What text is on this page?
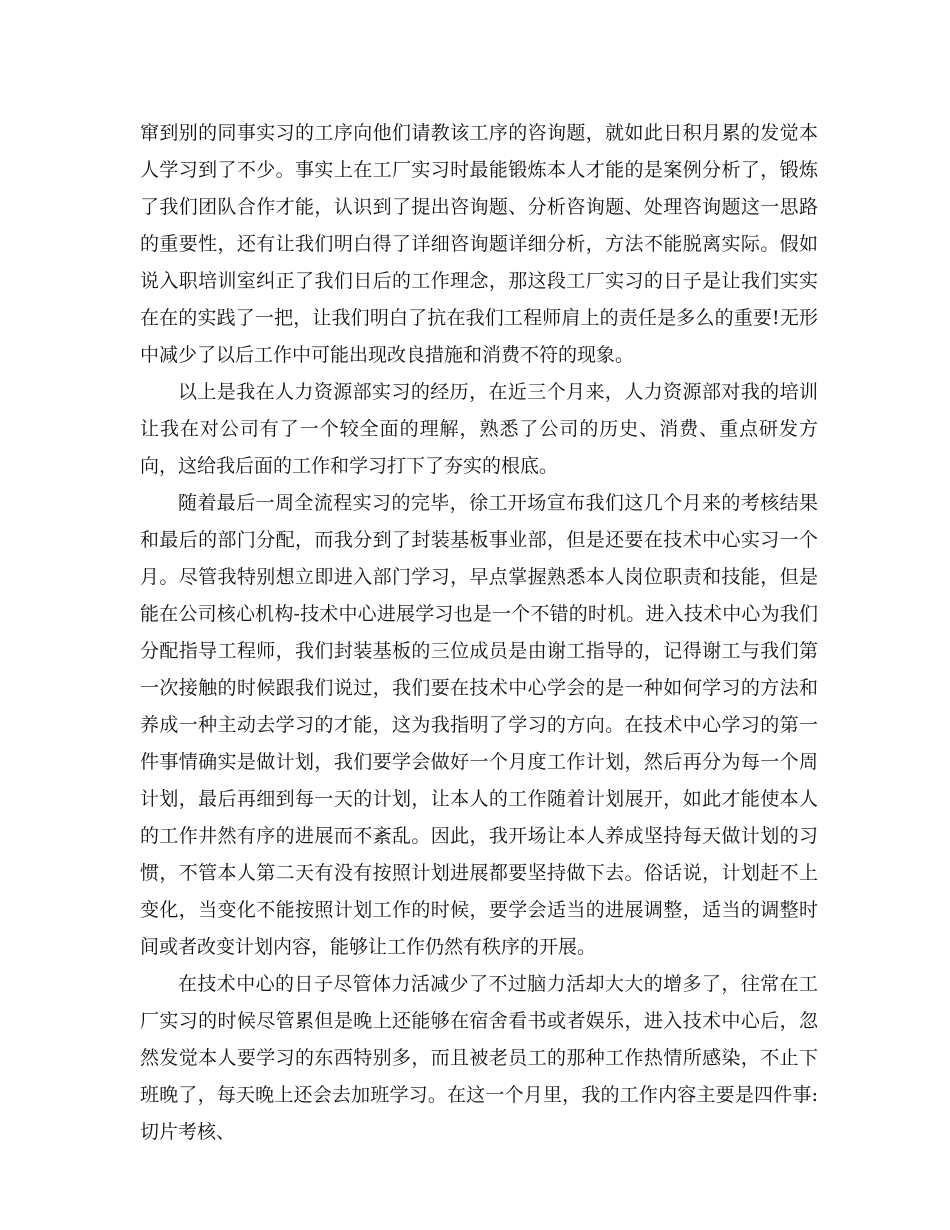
窜到别的同事实习的工序向他们请教该工序的咨询题，就如此日积月累的发觉本人学习到了不少。事实上在工厂实习时最能锻炼本人才能的是案例分析了，锻炼了我们团队合作才能，认识到了提出咨询题、分析咨询题、处理咨询题这一思路的重要性，还有让我们明白得了详细咨询题详细分析，方法不能脱离实际。假如说入职培训室纠正了我们日后的工作理念，那这段工厂实习的日子是让我们实实在在的实践了一把，让我们明白了抗在我们工程师肩上的责任是多么的重要!无形中减少了以后工作中可能出现改良措施和消费不符的现象。

以上是我在人力资源部实习的经历，在近三个月来，人力资源部对我的培训让我在对公司有了一个较全面的理解，熟悉了公司的历史、消费、重点研发方向，这给我后面的工作和学习打下了夯实的根底。

随着最后一周全流程实习的完毕，徐工开场宣布我们这几个月来的考核结果和最后的部门分配，而我分到了封装基板事业部，但是还要在技术中心实习一个月。尽管我特别想立即进入部门学习，早点掌握熟悉本人岗位职责和技能，但是能在公司核心机构-技术中心进展学习也是一个不错的时机。进入技术中心为我们分配指导工程师，我们封装基板的三位成员是由谢工指导的，记得谢工与我们第一次接触的时候跟我们说过，我们要在技术中心学会的是一种如何学习的方法和养成一种主动去学习的才能，这为我指明了学习的方向。在技术中心学习的第一件事情确实是做计划，我们要学会做好一个月度工作计划，然后再分为每一个周计划，最后再细到每一天的计划，让本人的工作随着计划展开，如此才能使本人的工作井然有序的进展而不紊乱。因此，我开场让本人养成坚持每天做计划的习惯，不管本人第二天有没有按照计划进展都要坚持做下去。俗话说，计划赶不上变化，当变化不能按照计划工作的时候，要学会适当的进展调整，适当的调整时间或者改变计划内容，能够让工作仍然有秩序的开展。

在技术中心的日子尽管体力活减少了不过脑力活却大大的增多了，往常在工厂实习的时候尽管累但是晚上还能够在宿舍看书或者娱乐，进入技术中心后，忽然发觉本人要学习的东西特别多，而且被老员工的那种工作热情所感染，不止下班晚了，每天晚上还会去加班学习。在这一个月里，我的工作内容主要是四件事:切片考核、
